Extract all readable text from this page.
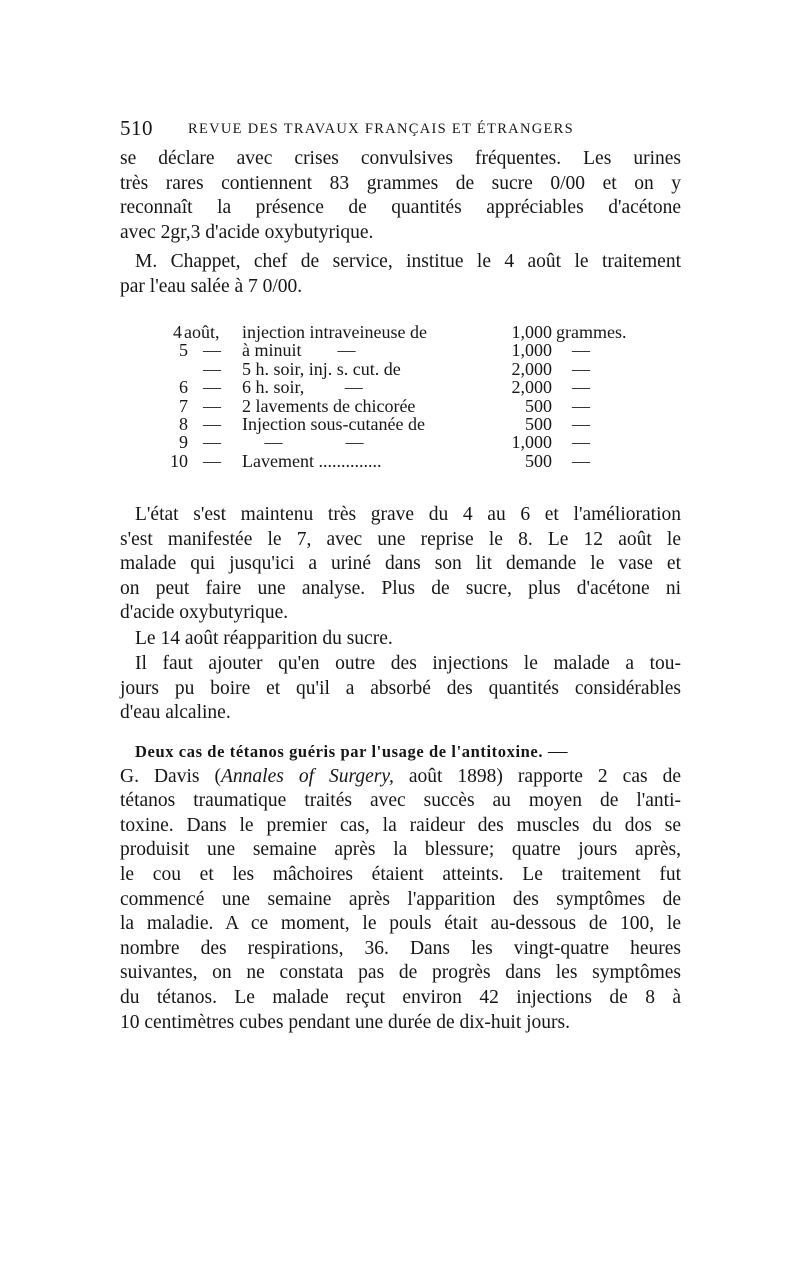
510 REVUE DES TRAVAUX FRANÇAIS ET ÉTRANGERS
se déclare avec crises convulsives fréquentes. Les urines
très rares contiennent 83 grammes de sucre 0/00 et on y
reconnaît la présence de quantités appréciables d'acétone
avec 2gr,3 d'acide oxybutyrique.
M. Chappet, chef de service, institue le 4 août le traitement
par l'eau salée à 7 0/00.
4 août, injection intraveineuse de	1,000 grammes.
5 — à minuit        —	1,000 —
— 5 h. soir, inj. s. cut. de	2,000 —
6 — 6 h. soir,         —	2,000 —
7 — 2 lavements de chicorée	500 —
8 — Injection sous-cutanée de	500 —
9 — —              —	1,000 —
10 — Lavement ..............	500 —
L'état s'est maintenu très grave du 4 au 6 et l'amélioration
s'est manifestée le 7, avec une reprise le 8. Le 12 août le
malade qui jusqu'ici a uriné dans son lit demande le vase et
on peut faire une analyse. Plus de sucre, plus d'acétone ni
d'acide oxybutyrique.
Le 14 août réapparition du sucre.
Il faut ajouter qu'en outre des injections le malade a tou-
jours pu boire et qu'il a absorbé des quantités considérables
d'eau alcaline.
Deux cas de tétanos guéris par l'usage de l'antitoxine. —
G. Davis (Annales of Surgery, août 1898) rapporte 2 cas de
tétanos traumatique traités avec succès au moyen de l'anti-
toxine. Dans le premier cas, la raideur des muscles du dos se
produisit une semaine après la blessure; quatre jours après,
le cou et les mâchoires étaient atteints. Le traitement fut
commencé une semaine après l'apparition des symptômes de
la maladie. A ce moment, le pouls était au-dessous de 100, le
nombre des respirations, 36. Dans les vingt-quatre heures
suivantes, on ne constata pas de progrès dans les symptômes
du tétanos. Le malade reçut environ 42 injections de 8 à
10 centimètres cubes pendant une durée de dix-huit jours.
